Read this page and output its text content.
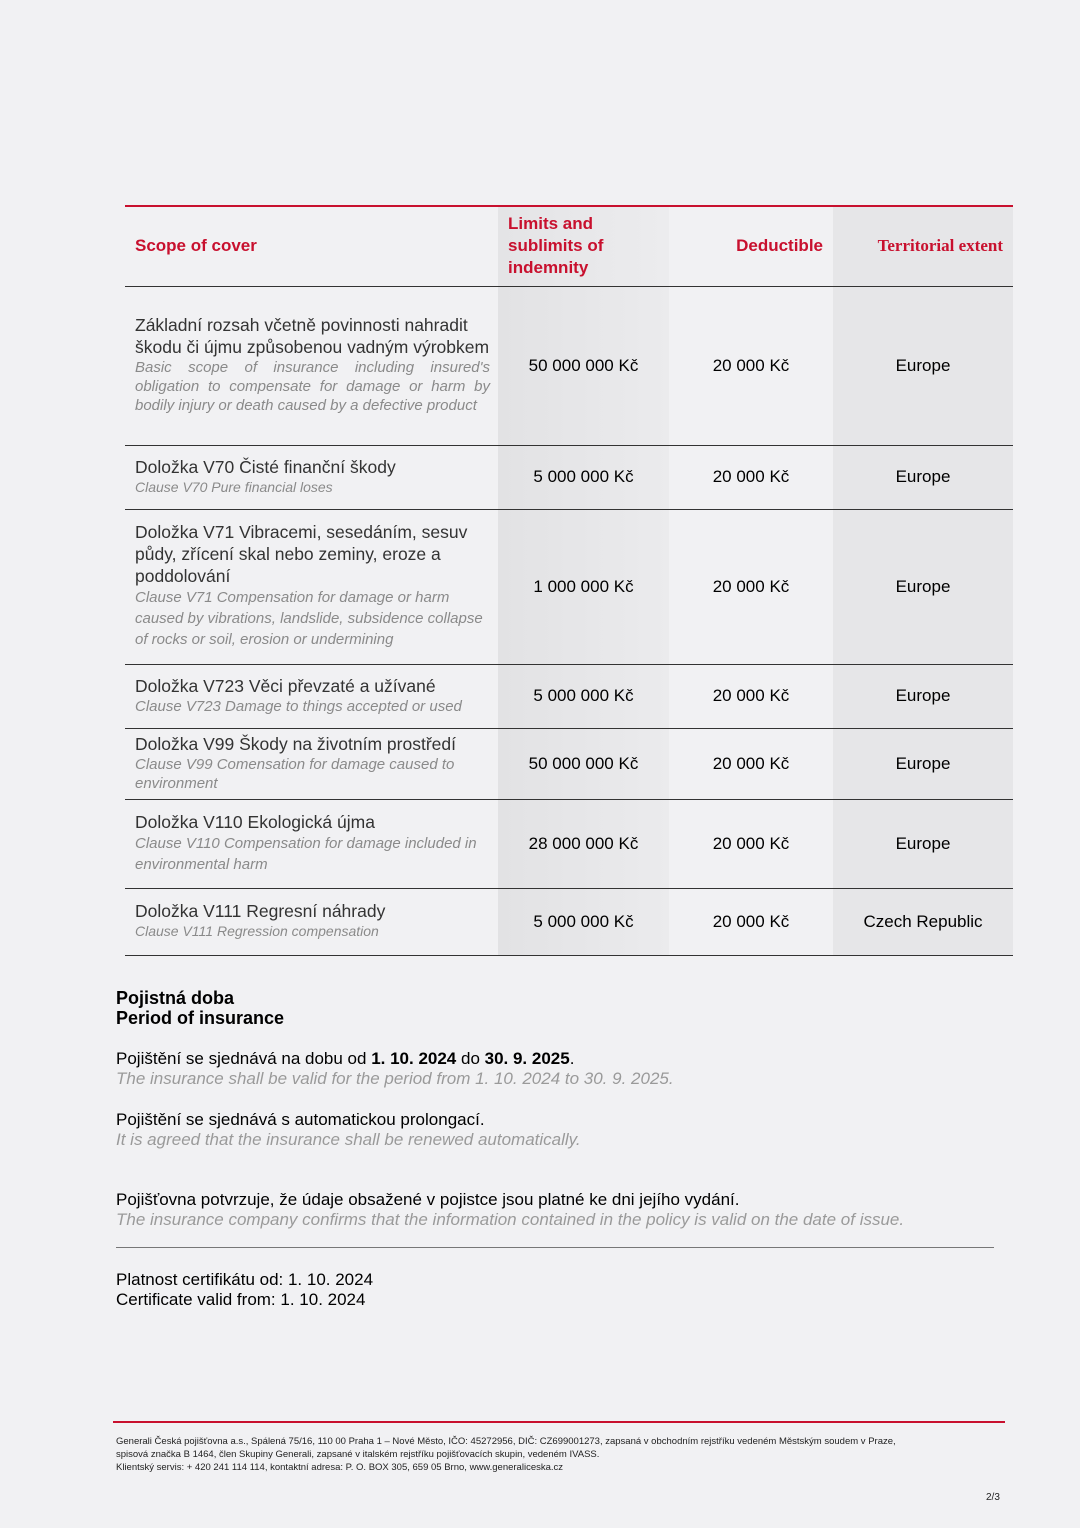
Scope of cover	Limits and sublimits of indemnity	Deductible	Territorial extent

Základní rozsah včetně povinnosti nahradit škodu či újmu způsobenou vadným výrobkem
Basic scope of insurance including insured's obligation to compensate for damage or harm by bodily injury or death caused by a defective product	50 000 000 Kč	20 000 Kč	Europe

Doložka V70 Čisté finanční škody
Clause V70 Pure financial loses	5 000 000 Kč	20 000 Kč	Europe

Doložka V71 Vibracemi, sesedáním, sesuv půdy, zřícení skal nebo zeminy, eroze a poddolování
Clause V71 Compensation for damage or harm caused by vibrations, landslide, subsidence collapse of rocks or soil, erosion or undermining	1 000 000 Kč	20 000 Kč	Europe

Doložka V723 Věci převzaté a užívané
Clause V723 Damage to things accepted or used	5 000 000 Kč	20 000 Kč	Europe

Doložka V99 Škody na životním prostředí
Clause V99 Comensation for damage caused to environment	50 000 000 Kč	20 000 Kč	Europe

Doložka V110 Ekologická újma
Clause V110 Compensation for damage included in environmental harm	28 000 000 Kč	20 000 Kč	Europe

Doložka V111 Regresní náhrady
Clause V111 Regression compensation	5 000 000 Kč	20 000 Kč	Czech Republic
Pojistná doba
Period of insurance

Pojištění se sjednává na dobu od 1. 10. 2024 do 30. 9. 2025.

The insurance shall be valid for the period from 1. 10. 2024 to 30. 9. 2025.

Pojištění se sjednává s automatickou prolongací.

It is agreed that the insurance shall be renewed automatically.

Pojišťovna potvrzuje, že údaje obsažené v pojistce jsou platné ke dni jejího vydání.

The insurance company confirms that the information contained in the policy is valid on the date of issue.

Platnost certifikátu od: 1. 10. 2024
Certificate valid from: 1. 10. 2024
Generali Česká pojišťovna a.s., Spálená 75/16, 110 00 Praha 1 – Nové Město, IČO: 45272956, DIČ: CZ699001273, zapsaná v obchodním rejstříku vedeném Městským soudem v Praze,
spisová značka B 1464, člen Skupiny Generali, zapsané v italském rejstříku pojišťovacích skupin, vedeném IVASS.
Klientský servis: + 420 241 114 114, kontaktní adresa: P. O. BOX 305, 659 05 Brno, www.generaliceska.cz
2/3
